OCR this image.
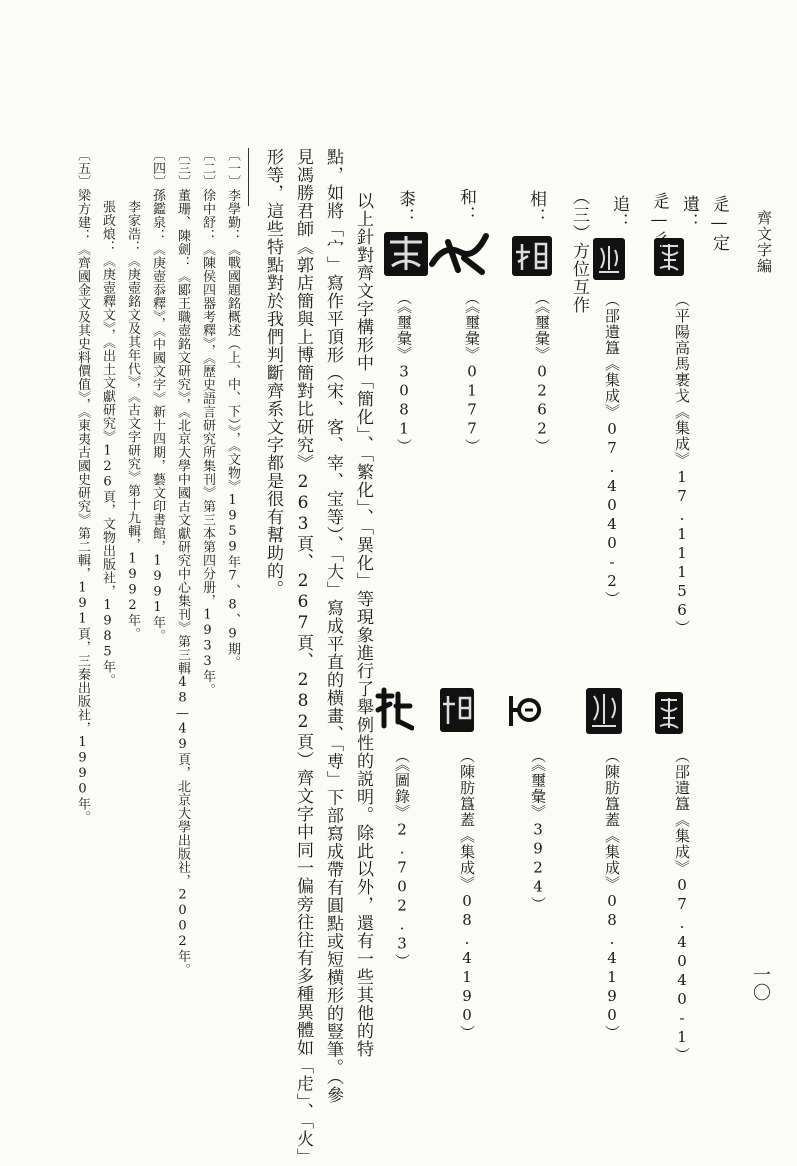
齊文字編
一〇
辵—定
遺：
（平陽高馬裹戈《集成》17.11156）
（郘遺簋《集成》07.4040-1）
辵—彳
追：
（郘遺簋《集成》07.4040-2）
（陳肪簋蓋《集成》08.4190）
（三）方位互作
相：
（《璽彙》0262）
（《璽彙》3924）
和：
（《璽彙》0177）
（陳肪簋蓋《集成》08.4190）
桼：
（《璽彙》3081）
（《圖錄》2.702.3）
以上針對齊文字構形中「簡化」、「繁化」、「異化」等現象進行了舉例性的説明。除此以外，還有一些其他的特
點，如將「宀」寫作平頂形（宋、客、宰、宝等）、「大」寫成平直的横畫、「尃」下部寫成帶有圓點或短横形的豎筆。（參
見馮勝君師《郭店簡與上博簡對比研究》263頁、267頁、282頁）齊文字中同一偏旁往往有多種異體如「虍」、「火」
形等，這些特點對於我們判斷齊系文字都是很有幫助的。
〔一〕李學勤：《戰國題銘概述（上、中、下）》，《文物》1959年7、8、9期。
〔二〕徐中舒：《陳侯四器考釋》，《歷史語言研究所集刊》第三本第四分册，1933年。
〔三〕董珊、陳劍：《郾王職壺銘文研究》，《北京大學中國古文獻研究中心集刊》第三輯48—49頁，北京大學出版社，2002年。
〔四〕孫鑑泉：《庚壺忝釋》，《中國文字》新十四期，藝文印書館，1991年。
李家浩：《庚壺銘文及其年代》，《古文字研究》第十九輯，1992年。
張政烺：《庚壺釋文》，《出土文獻研究》126頁，文物出版社，1985年。
〔五〕梁方建：《齊國金文及其史料價值》，《東夷古國史研究》第二輯，191頁，三秦出版社，1990年。
